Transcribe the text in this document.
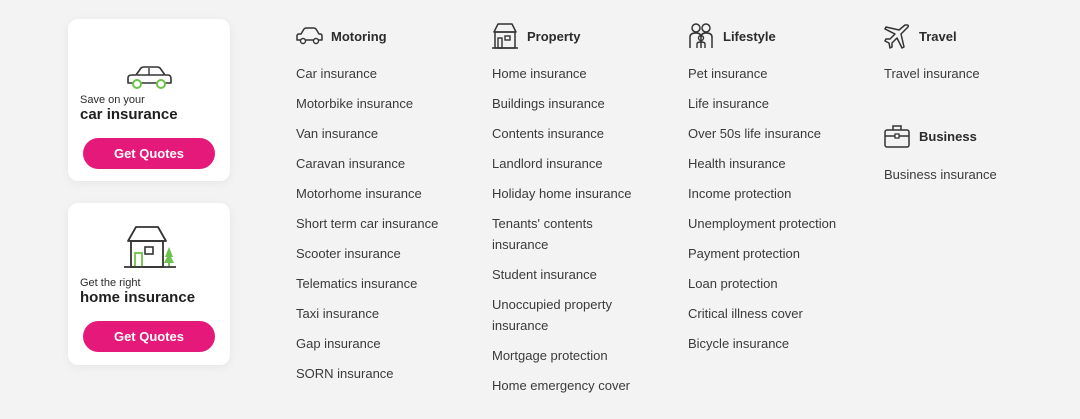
Save on your
car insurance
Get Quotes
Get the right
home insurance
Get Quotes
Motoring
Car insurance
Motorbike insurance
Van insurance
Caravan insurance
Motorhome insurance
Short term car insurance
Scooter insurance
Telematics insurance
Taxi insurance
Gap insurance
SORN insurance
Property
Home insurance
Buildings insurance
Contents insurance
Landlord insurance
Holiday home insurance
Tenants' contents insurance
Student insurance
Unoccupied property insurance
Mortgage protection
Home emergency cover
Lifestyle
Pet insurance
Life insurance
Over 50s life insurance
Health insurance
Income protection
Unemployment protection
Payment protection
Loan protection
Critical illness cover
Bicycle insurance
Travel
Travel insurance
Business
Business insurance
